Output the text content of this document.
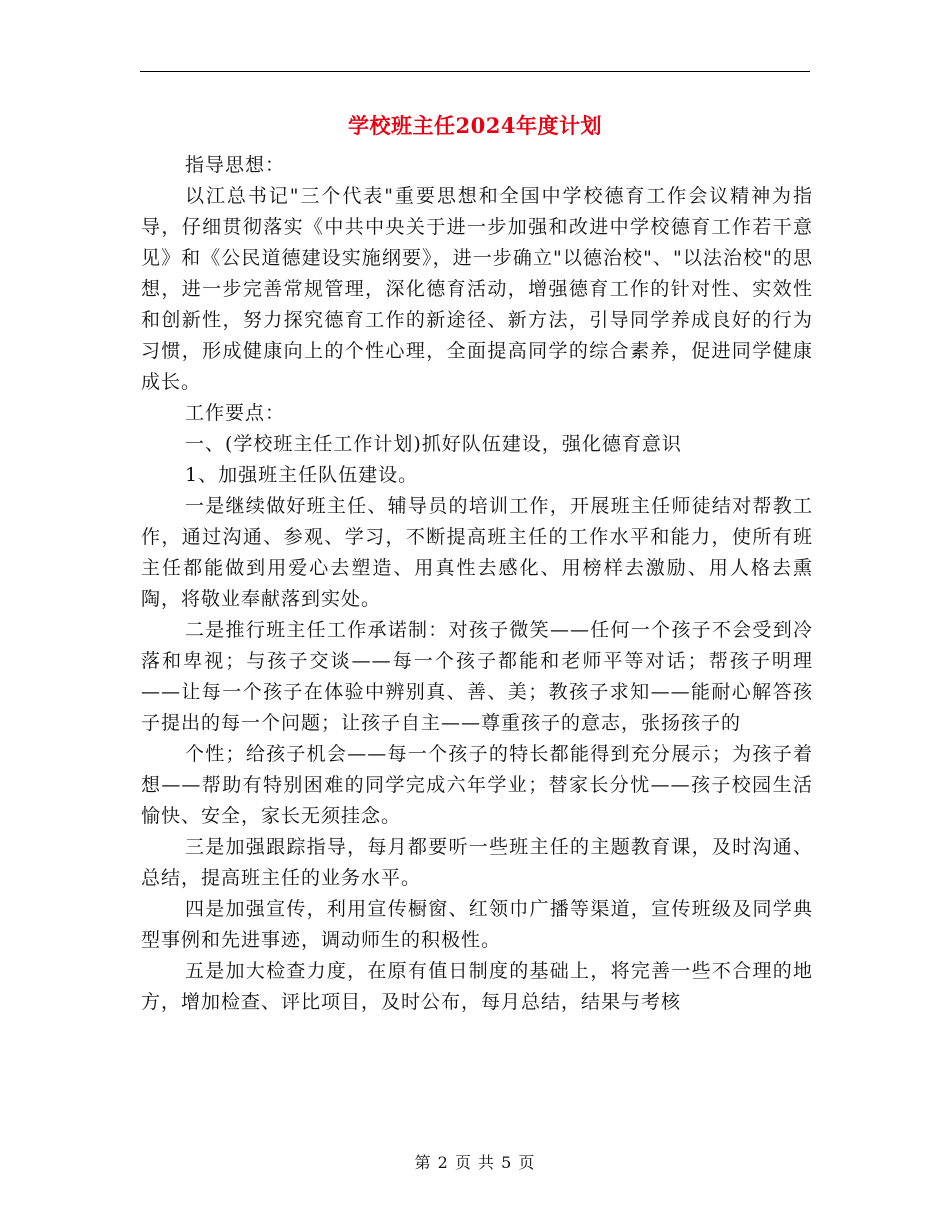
学校班主任2024年度计划

指导思想：

以江总书记"三个代表"重要思想和全国中学校德育工作会议精神为指导，仔细贯彻落实《中共中央关于进一步加强和改进中学校德育工作若干意见》和《公民道德建设实施纲要》，进一步确立"以德治校"、"以法治校"的思想，进一步完善常规管理，深化德育活动，增强德育工作的针对性、实效性和创新性，努力探究德育工作的新途径、新方法，引导同学养成良好的行为习惯，形成健康向上的个性心理，全面提高同学的综合素养，促进同学健康成长。

工作要点：

一、(学校班主任工作计划)抓好队伍建设，强化德育意识

1、加强班主任队伍建设。

一是继续做好班主任、辅导员的培训工作，开展班主任师徒结对帮教工作，通过沟通、参观、学习，不断提高班主任的工作水平和能力，使所有班主任都能做到用爱心去塑造、用真性去感化、用榜样去激励、用人格去熏陶，将敬业奉献落到实处。

二是推行班主任工作承诺制：对孩子微笑——任何一个孩子不会受到冷落和卑视；与孩子交谈——每一个孩子都能和老师平等对话；帮孩子明理——让每一个孩子在体验中辨别真、善、美；教孩子求知——能耐心解答孩子提出的每一个问题；让孩子自主——尊重孩子的意志，张扬孩子的

个性；给孩子机会——每一个孩子的特长都能得到充分展示；为孩子着想——帮助有特别困难的同学完成六年学业；替家长分忧——孩子校园生活愉快、安全，家长无须挂念。

三是加强跟踪指导，每月都要听一些班主任的主题教育课，及时沟通、总结，提高班主任的业务水平。

四是加强宣传，利用宣传橱窗、红领巾广播等渠道，宣传班级及同学典型事例和先进事迹，调动师生的积极性。

五是加大检查力度，在原有值日制度的基础上，将完善一些不合理的地方，增加检查、评比项目，及时公布，每月总结，结果与考核

第 2 页 共 5 页
